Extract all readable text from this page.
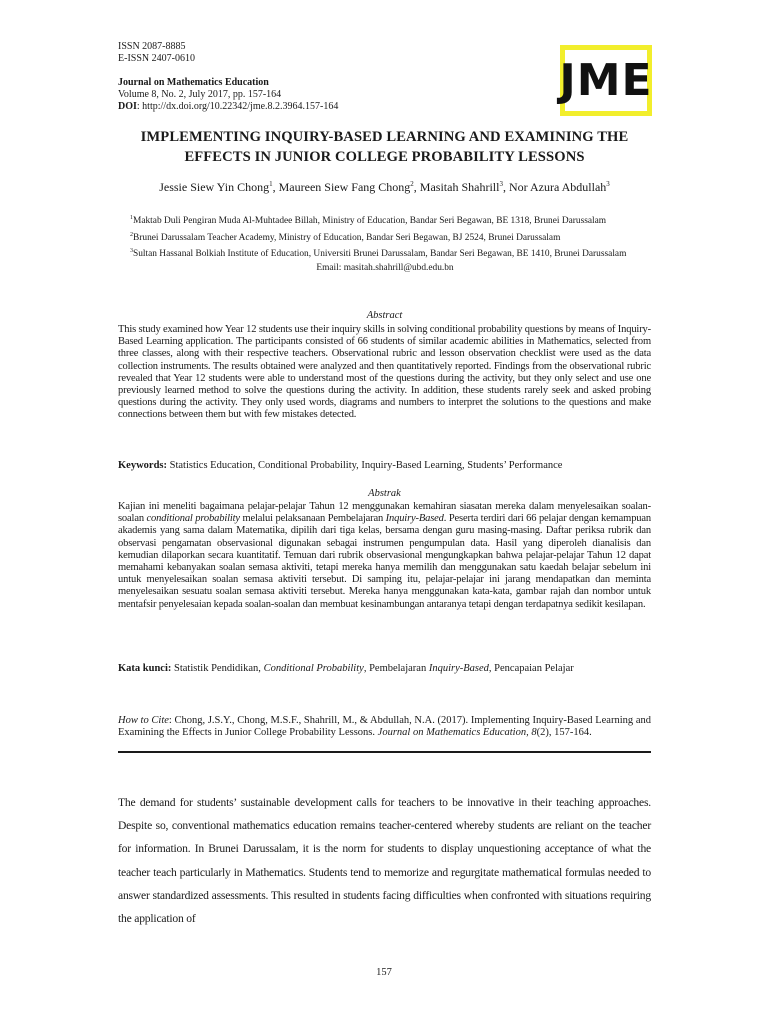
ISSN 2087-8885
E-ISSN 2407-0610
Journal on Mathematics Education
Volume 8, No. 2, July 2017, pp. 157-164
DOI: http://dx.doi.org/10.22342/jme.8.2.3964.157-164
JME
IMPLEMENTING INQUIRY-BASED LEARNING AND EXAMINING THE EFFECTS IN JUNIOR COLLEGE PROBABILITY LESSONS
Jessie Siew Yin Chong$^1$, Maureen Siew Fang Chong$^2$, Masitah Shahrill$^3$, Nor Azura Abdullah$^3$

$^1$Maktab Duli Pengiran Muda Al-Muhtadee Billah, Ministry of Education, Bandar Seri Begawan, BE 1318, Brunei Darussalam

$^2$Brunei Darussalam Teacher Academy, Ministry of Education, Bandar Seri Begawan, BJ 2524, Brunei Darussalam

$^3$Sultan Hassanal Bolkiah Institute of Education, Universiti Brunei Darussalam, Bandar Seri Begawan, BE 1410, Brunei Darussalam

Email: masitah.shahrill@ubd.edu.bn

Abstract
This study examined how Year 12 students use their inquiry skills in solving conditional probability questions by means of Inquiry-Based Learning application. The participants consisted of 66 students of similar academic abilities in Mathematics, selected from three classes, along with their respective teachers. Observational rubric and lesson observation checklist were used as the data collection instruments. The results obtained were analyzed and then quantitatively reported. Findings from the observational rubric revealed that Year 12 students were able to understand most of the questions during the activity, but they only select and use one previously learned method to solve the questions during the activity. In addition, these students rarely seek and asked probing questions during the activity. They only used words, diagrams and numbers to interpret the solutions to the questions and make connections between them but with few mistakes detected.
Keywords: Statistics Education, Conditional Probability, Inquiry-Based Learning, Students’ Performance
Abstrak
Kajian ini meneliti bagaimana pelajar-pelajar Tahun 12 menggunakan kemahiran siasatan mereka dalam menyelesaikan soalan-soalan conditional probability melalui pelaksanaan Pembelajaran Inquiry-Based. Peserta terdiri dari 66 pelajar dengan kemampuan akademis yang sama dalam Matematika, dipilih dari tiga kelas, bersama dengan guru masing-masing. Daftar periksa rubrik dan observasi pengamatan observasional digunakan sebagai instrumen pengumpulan data. Hasil yang diperoleh dianalisis dan kemudian dilaporkan secara kuantitatif. Temuan dari rubrik observasional mengungkapkan bahwa pelajar-pelajar Tahun 12 dapat memahami kebanyakan soalan semasa aktiviti, tetapi mereka hanya memilih dan menggunakan satu kaedah belajar sebelum ini untuk menyelesaikan soalan semasa aktiviti tersebut. Di samping itu, pelajar-pelajar ini jarang mendapatkan dan meminta menyelesaikan sesuatu soalan semasa aktiviti tersebut. Mereka hanya menggunakan kata-kata, gambar rajah dan nombor untuk mentafsir penyelesaian kepada soalan-soalan dan membuat kesinambungan antaranya tetapi dengan terdapatnya sedikit kesilapan.
Kata kunci: Statistik Pendidikan, Conditional Probability, Pembelajaran Inquiry-Based, Pencapaian Pelajar
How to Cite: Chong, J.S.Y., Chong, M.S.F., Shahrill, M., & Abdullah, N.A. (2017). Implementing Inquiry-Based Learning and Examining the Effects in Junior College Probability Lessons. Journal on Mathematics Education, 8(2), 157-164.
The demand for students’ sustainable development calls for teachers to be innovative in their teaching approaches. Despite so, conventional mathematics education remains teacher-centered whereby students are reliant on the teacher for information. In Brunei Darussalam, it is the norm for students to display unquestioning acceptance of what the teacher teach particularly in Mathematics. Students tend to memorize and regurgitate mathematical formulas needed to answer standardized assessments. This resulted in students facing difficulties when confronted with situations requiring the application of
157
